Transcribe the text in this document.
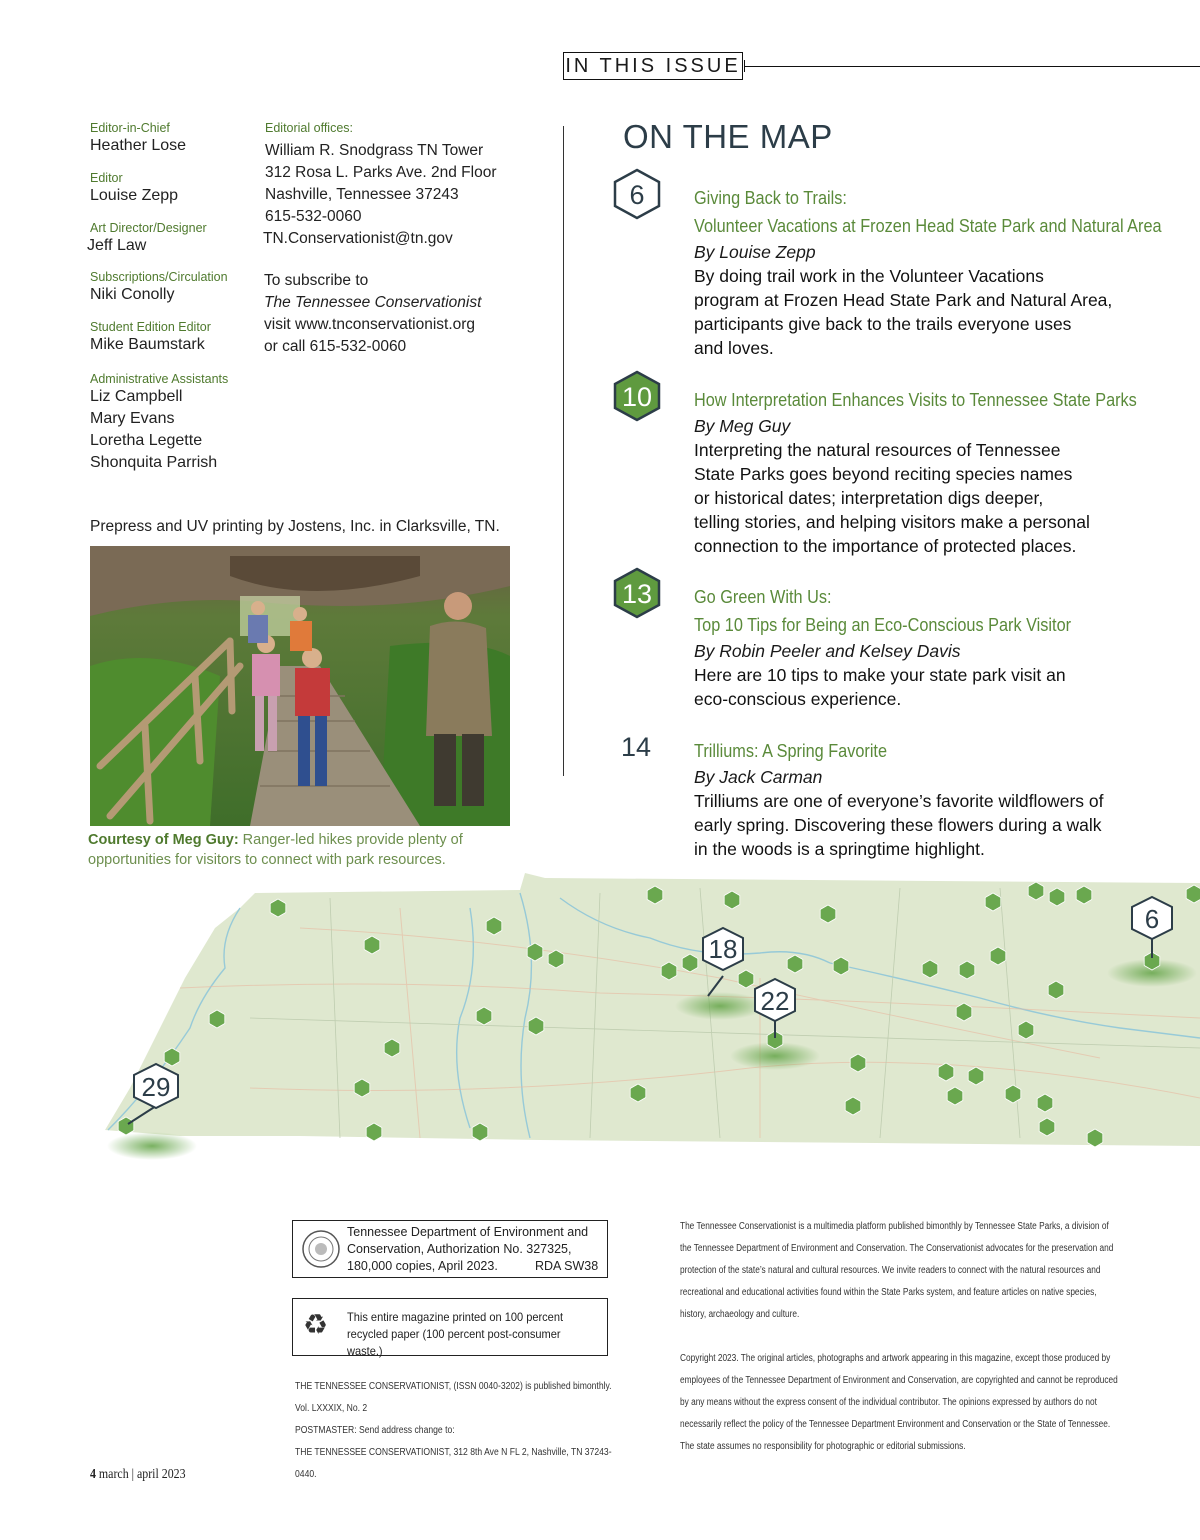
IN THIS ISSUE
Editor-in-Chief
Heather Lose
Editor
Louise Zepp
Art Director/Designer
Jeff Law
Subscriptions/Circulation
Niki Conolly
Student Edition Editor
Mike Baumstark
Administrative Assistants
Liz Campbell
Mary Evans
Loretha Legette
Shonquita Parrish
Editorial offices:
William R. Snodgrass TN Tower
312 Rosa L. Parks Ave. 2nd Floor
Nashville, Tennessee 37243
615-532-0060
TN.Conservationist@tn.gov
To subscribe to
The Tennessee Conservationist
visit www.tnconservationist.org
or call 615-532-0060
Prepress and UV printing by Jostens, Inc. in Clarksville, TN.
Courtesy of Meg Guy: Ranger-led hikes provide plenty of opportunities for visitors to connect with park resources.
ON THE MAP
6	Giving Back to Trails:
Volunteer Vacations at Frozen Head State Park and Natural Area
By Louise Zepp
By doing trail work in the Volunteer Vacations
program at Frozen Head State Park and Natural Area,
participants give back to the trails everyone uses
and loves.
10 How Interpretation Enhances Visits to Tennessee State Parks
By Meg Guy
Interpreting the natural resources of Tennessee
State Parks goes beyond reciting species names
or historical dates; interpretation digs deeper,
telling stories, and helping visitors make a personal
connection to the importance of protected places.
13 Go Green With Us:
Top 10 Tips for Being an Eco-Conscious Park Visitor
By Robin Peeler and Kelsey Davis
Here are 10 tips to make your state park visit an
eco-conscious experience.
14 Trilliums: A Spring Favorite
By Jack Carman
Trilliums are one of everyone’s favorite wildflowers of
early spring. Discovering these flowers during a walk
in the woods is a springtime highlight.
18
22
6
29
Tennessee Department of Environment and
Conservation, Authorization No. 327325,
180,000 copies, April 2023.	RDA SW38
♻ This entire magazine printed on 100 percent
recycled paper (100 percent post-consumer waste.)
THE TENNESSEE CONSERVATIONIST, (ISSN 0040-3202) is published bimonthly.
Vol. LXXXIX, No. 2
POSTMASTER: Send address change to:
THE TENNESSEE CONSERVATIONIST, 312 8th Ave N FL 2, Nashville, TN 37243-0440.
The Tennessee Conservationist is a multimedia platform published bimonthly by Tennessee State Parks, a division of
the Tennessee Department of Environment and Conservation. The Conservationist advocates for the preservation and
protection of the state’s natural and cultural resources. We invite readers to connect with the natural resources and
recreational and educational activities found within the State Parks system, and feature articles on native species,
history, archaeology and culture.
Copyright 2023. The original articles, photographs and artwork appearing in this magazine, except those produced by
employees of the Tennessee Department of Environment and Conservation, are copyrighted and cannot be reproduced
by any means without the express consent of the individual contributor. The opinions expressed by authors do not
necessarily reflect the policy of the Tennessee Department Environment and Conservation or the State of Tennessee.
The state assumes no responsibility for photographic or editorial submissions.
4 march | april 2023
